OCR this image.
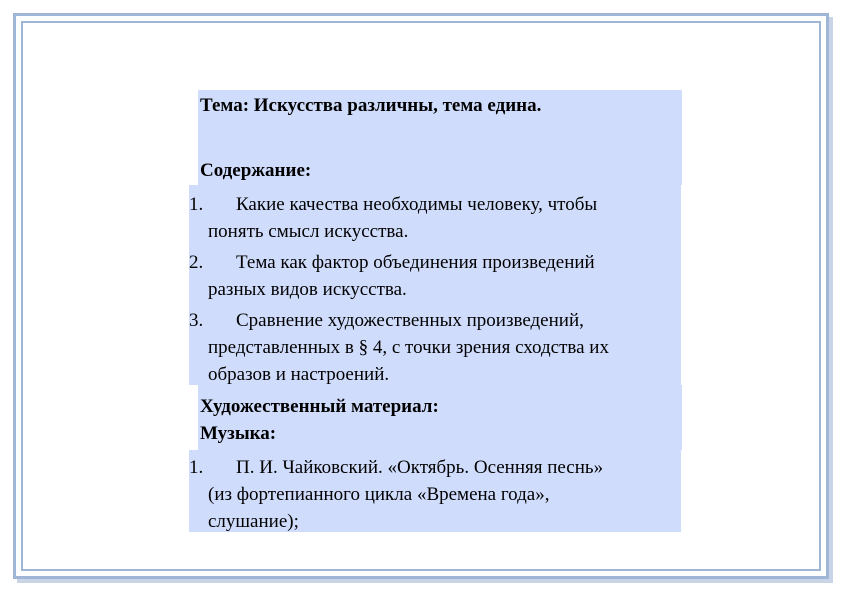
Тема: Искусства различны, тема едина.
Содержание:
1. Какие качества необходимы человеку, чтобы
понять смысл искусства.
2. Тема как фактор объединения произведений
разных видов искусства.
3. Сравнение художественных произведений,
представленных в § 4, с точки зрения сходства их
образов и настроений.
Художественный материал:
Музыка:
1. П. И. Чайковский. «Октябрь. Осенняя песнь»
(из фортепианного цикла «Времена года»,
слушание);
